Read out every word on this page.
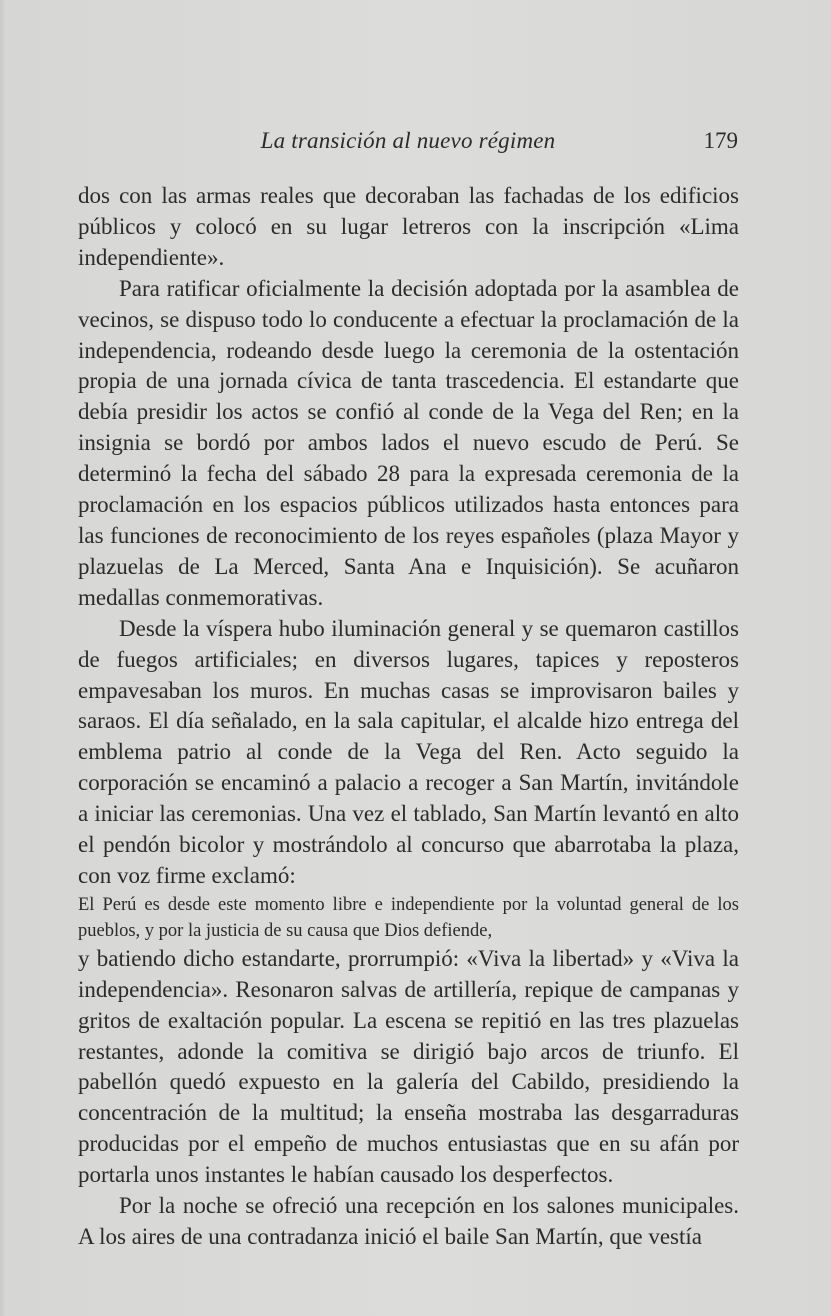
La transición al nuevo régimen	179

dos con las armas reales que decoraban las fachadas de los edificios públicos y colocó en su lugar letreros con la inscripción «Lima independiente».

Para ratificar oficialmente la decisión adoptada por la asamblea de vecinos, se dispuso todo lo conducente a efectuar la proclamación de la independencia, rodeando desde luego la ceremonia de la ostentación propia de una jornada cívica de tanta trascedencia. El estandarte que debía presidir los actos se confió al conde de la Vega del Ren; en la insignia se bordó por ambos lados el nuevo escudo de Perú. Se determinó la fecha del sábado 28 para la expresada ceremonia de la proclamación en los espacios públicos utilizados hasta entonces para las funciones de reconocimiento de los reyes españoles (plaza Mayor y plazuelas de La Merced, Santa Ana e Inquisición). Se acuñaron medallas conmemorativas.

Desde la víspera hubo iluminación general y se quemaron castillos de fuegos artificiales; en diversos lugares, tapices y reposteros empavesaban los muros. En muchas casas se improvisaron bailes y saraos. El día señalado, en la sala capitular, el alcalde hizo entrega del emblema patrio al conde de la Vega del Ren. Acto seguido la corporación se encaminó a palacio a recoger a San Martín, invitándole a iniciar las ceremonias. Una vez el tablado, San Martín levantó en alto el pendón bicolor y mostrándolo al concurso que abarrotaba la plaza, con voz firme exclamó:

El Perú es desde este momento libre e independiente por la voluntad general de los pueblos, y por la justicia de su causa que Dios defiende,

y batiendo dicho estandarte, prorrumpió: «Viva la libertad» y «Viva la independencia». Resonaron salvas de artillería, repique de campanas y gritos de exaltación popular. La escena se repitió en las tres plazuelas restantes, adonde la comitiva se dirigió bajo arcos de triunfo. El pabellón quedó expuesto en la galería del Cabildo, presidiendo la concentración de la multitud; la enseña mostraba las desgarraduras producidas por el empeño de muchos entusiastas que en su afán por portarla unos instantes le habían causado los desperfectos.

Por la noche se ofreció una recepción en los salones municipales. A los aires de una contradanza inició el baile San Martín, que vestía
